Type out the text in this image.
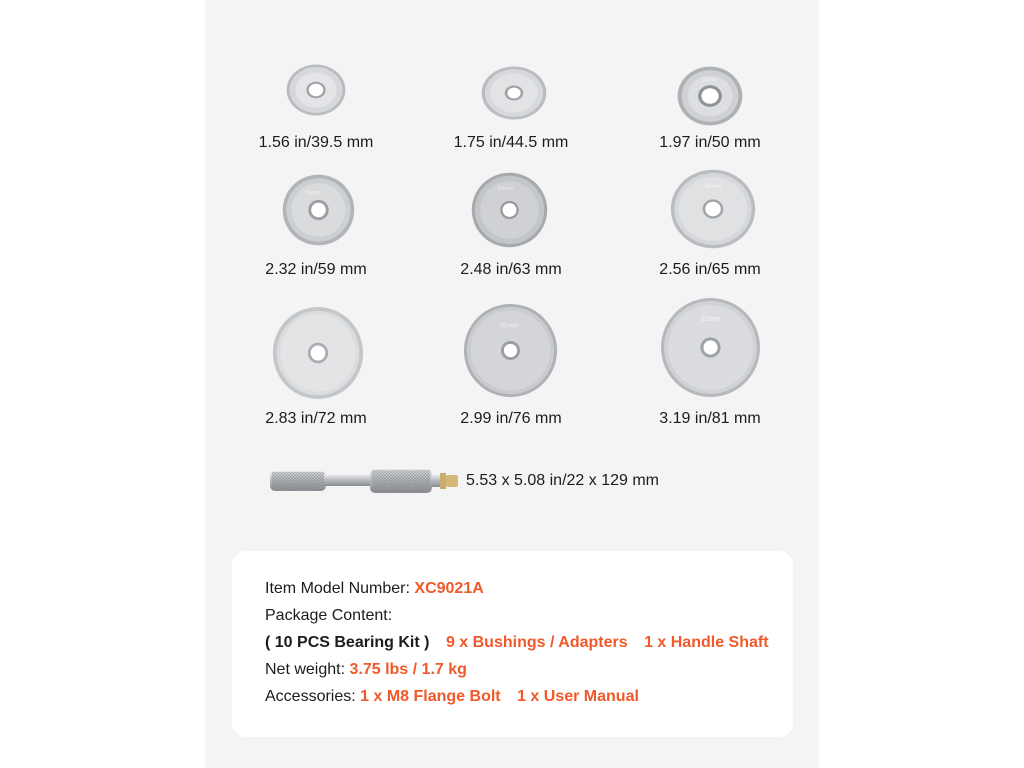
50mm
59mm
63mm	65mm
76mm
81mm
1.56 in/39.5 mm	1.75 in/44.5 mm	1.97 in/50 mm
2.32 in/59 mm	2.48 in/63 mm	2.56 in/65 mm
2.83 in/72 mm	2.99 in/76 mm	3.19 in/81 mm
5.53 x 5.08 in/22 x 129 mm
Item Model Number: XC9021A
Package Content:
( 10 PCS Bearing Kit ) 9 x Bushings / Adapters 1 x Handle Shaft
Net weight: 3.75 lbs / 1.7 kg
Accessories: 1 x M8 Flange Bolt 1 x User Manual
